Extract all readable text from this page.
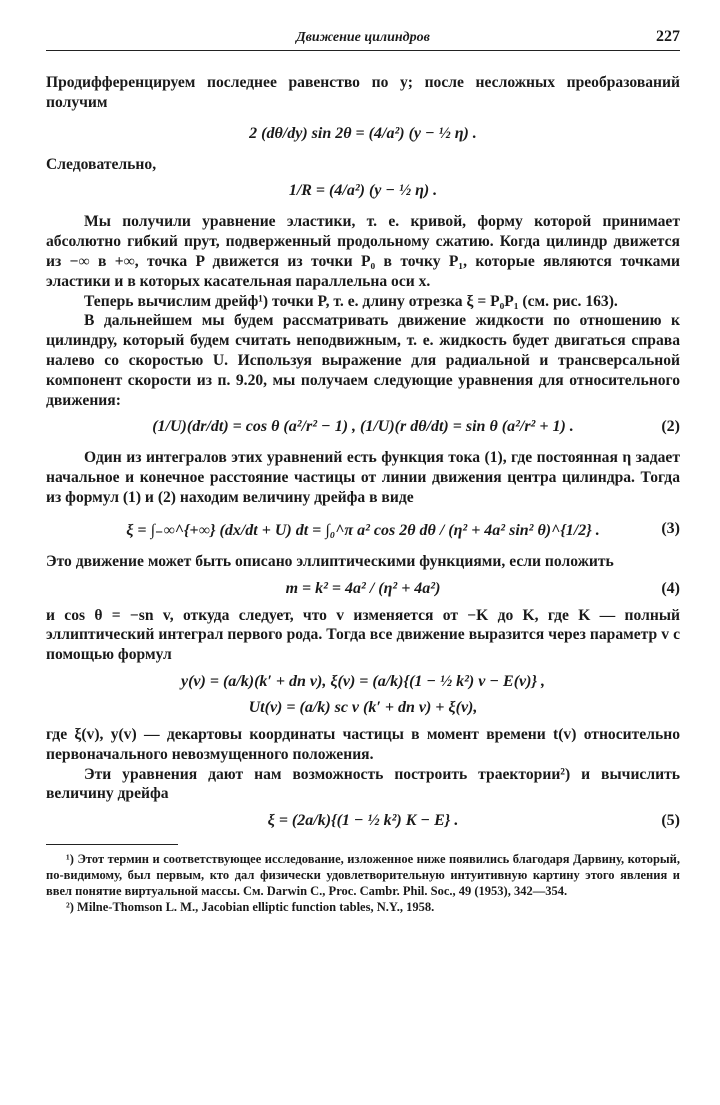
Движение цилиндров	227

Продифференцируем последнее равенство по y; после несложных преобразований получим

2 (dθ/dy) sin 2θ = (4/a²) (y − ½ η) .

Следовательно,

1/R = (4/a²) (y − ½ η) .

Мы получили уравнение эластики, т. е. кривой, форму которой принимает абсолютно гибкий прут, подверженный продольному сжатию. Когда цилиндр движется из −∞ в +∞, точка P движется из точки P₀ в точку P₁, которые являются точками эластики и в которых касательная параллельна оси x.

Теперь вычислим дрейф¹) точки P, т. е. длину отрезка ξ = P₀P₁ (см. рис. 163).

В дальнейшем мы будем рассматривать движение жидкости по отношению к цилиндру, который будем считать неподвижным, т. е. жидкость будет двигаться справа налево со скоростью U. Используя выражение для радиальной и трансверсальной компонент скорости из п. 9.20, мы получаем следующие уравнения для относительного движения:

(1/U)(dr/dt) = cos θ (a²/r² − 1) , (1/U)(r dθ/dt) = sin θ (a²/r² + 1) .	(2)

Один из интегралов этих уравнений есть функция тока (1), где постоянная η задает начальное и конечное расстояние частицы от линии движения центра цилиндра. Тогда из формул (1) и (2) находим величину дрейфа в виде

ξ = ∫₋∞^{+∞} (dx/dt + U) dt = ∫₀^π a² cos 2θ dθ / (η² + 4a² sin² θ)^{1/2} .	(3)

Это движение может быть описано эллиптическими функциями, если положить

m = k² = 4a² / (η² + 4a²)	(4)

и cos θ = −sn v, откуда следует, что v изменяется от −K до K, где K — полный эллиптический интеграл первого рода. Тогда все движение выразится через параметр v с помощью формул

y(v) = (a/k)(k′ + dn v), ξ(v) = (a/k){(1 − ½ k²) v − E(v)} ,
Ut(v) = (a/k) sc v (k′ + dn v) + ξ(v),

где ξ(v), y(v) — декартовы координаты частицы в момент времени t(v) относительно первоначального невозмущенного положения.

Эти уравнения дают нам возможность построить траектории²) и вычислить величину дрейфа

ξ = (2a/k){(1 − ½ k²) K − E} .	(5)
¹) Этот термин и соответствующее исследование, изложенное ниже появились благодаря Дарвину, который, по-видимому, был первым, кто дал физически удовлетворительную интуитивную картину этого явления и ввел понятие виртуальной массы. См. Darwin C., Proc. Cambr. Phil. Soc., 49 (1953), 342—354.
²) Milne-Thomson L. M., Jacobian elliptic function tables, N.Y., 1958.
